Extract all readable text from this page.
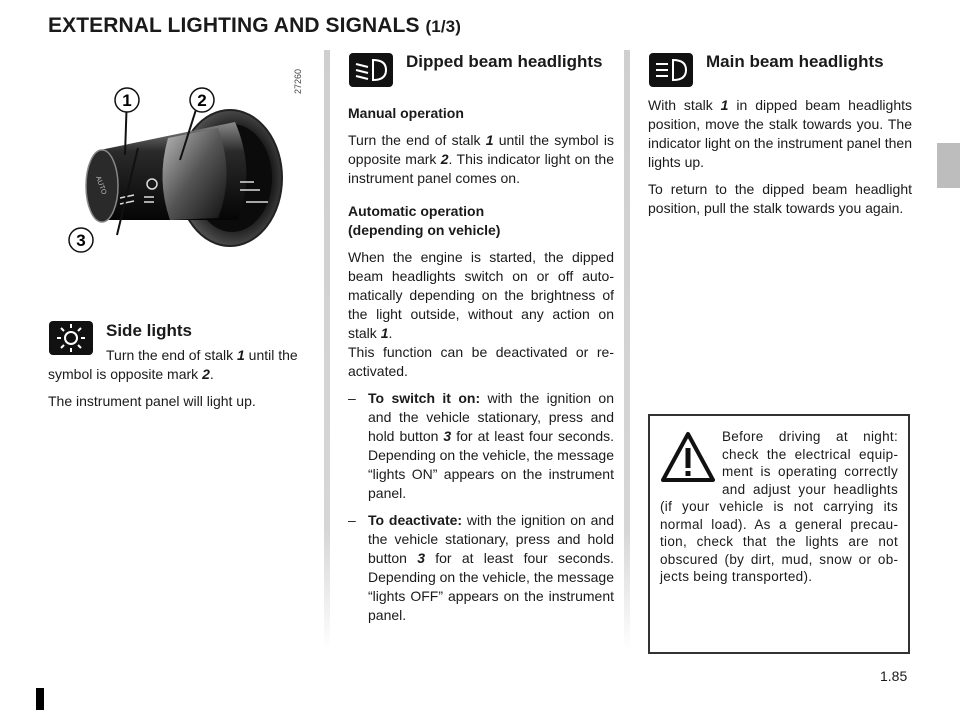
EXTERNAL LIGHTING AND SIGNALS (1/3)
27260
AUTO
1	2
3
Side lights

Turn the end of stalk 1 until the symbol is opposite mark 2.

The instrument panel will light up.

Dipped beam headlights

Manual operation

Turn the end of stalk 1 until the symbol is opposite mark 2. This indicator light on the instrument panel comes on.

Automatic operation
(depending on vehicle)

When the engine is started, the dipped beam headlights switch on or off automatically depending on the brightness of the light outside, without any action on stalk 1.
This function can be deactivated or re-activated.

– To switch it on: with the ignition on and the vehicle stationary, press and hold button 3 for at least four seconds. Depending on the vehicle, the message “lights ON” appears on the instrument panel.
– To deactivate: with the ignition on and the vehicle stationary, press and hold button 3 for at least four seconds. Depending on the vehicle, the message “lights OFF” appears on the instrument panel.
Main beam headlights

With stalk 1 in dipped beam headlights position, move the stalk towards you. The indicator light on the instrument panel then lights up.

To return to the dipped beam headlight position, pull the stalk towards you again.

Before driving at night: check the electrical equipment is operating correctly and adjust your headlights (if your vehicle is not carrying its normal load). As a general precaution, check that the lights are not obscured (by dirt, mud, snow or objects being transported).
1.85
